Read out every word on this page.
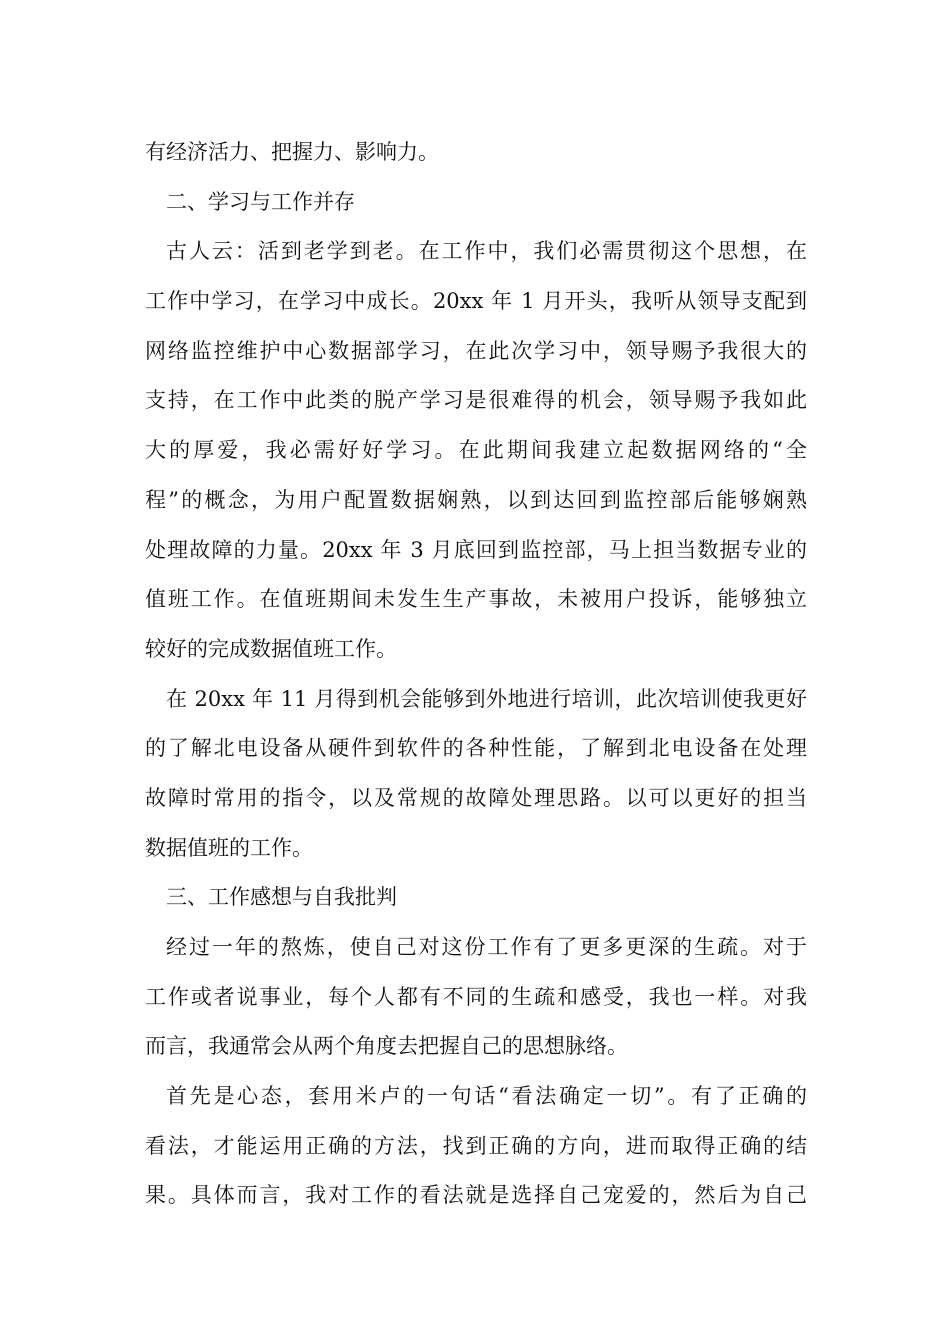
有经济活力、把握力、影响力。
二、学习与工作并存
古人云：活到老学到老。在工作中，我们必需贯彻这个思想，在
工作中学习，在学习中成长。20xx 年 1 月开头，我听从领导支配到
网络监控维护中心数据部学习，在此次学习中，领导赐予我很大的
支持，在工作中此类的脱产学习是很难得的机会，领导赐予我如此
大的厚爱，我必需好好学习。在此期间我建立起数据网络的“全
程”的概念，为用户配置数据娴熟，以到达回到监控部后能够娴熟
处理故障的力量。20xx 年 3 月底回到监控部，马上担当数据专业的
值班工作。在值班期间未发生生产事故，未被用户投诉，能够独立
较好的完成数据值班工作。
在 20xx 年 11 月得到机会能够到外地进行培训，此次培训使我更好
的了解北电设备从硬件到软件的各种性能，了解到北电设备在处理
故障时常用的指令，以及常规的故障处理思路。以可以更好的担当
数据值班的工作。
三、工作感想与自我批判
经过一年的熬炼，使自己对这份工作有了更多更深的生疏。对于
工作或者说事业，每个人都有不同的生疏和感受，我也一样。对我
而言，我通常会从两个角度去把握自己的思想脉络。
首先是心态，套用米卢的一句话“看法确定一切”。有了正确的
看法，才能运用正确的方法，找到正确的方向，进而取得正确的结
果。具体而言，我对工作的看法就是选择自己宠爱的，然后为自己
